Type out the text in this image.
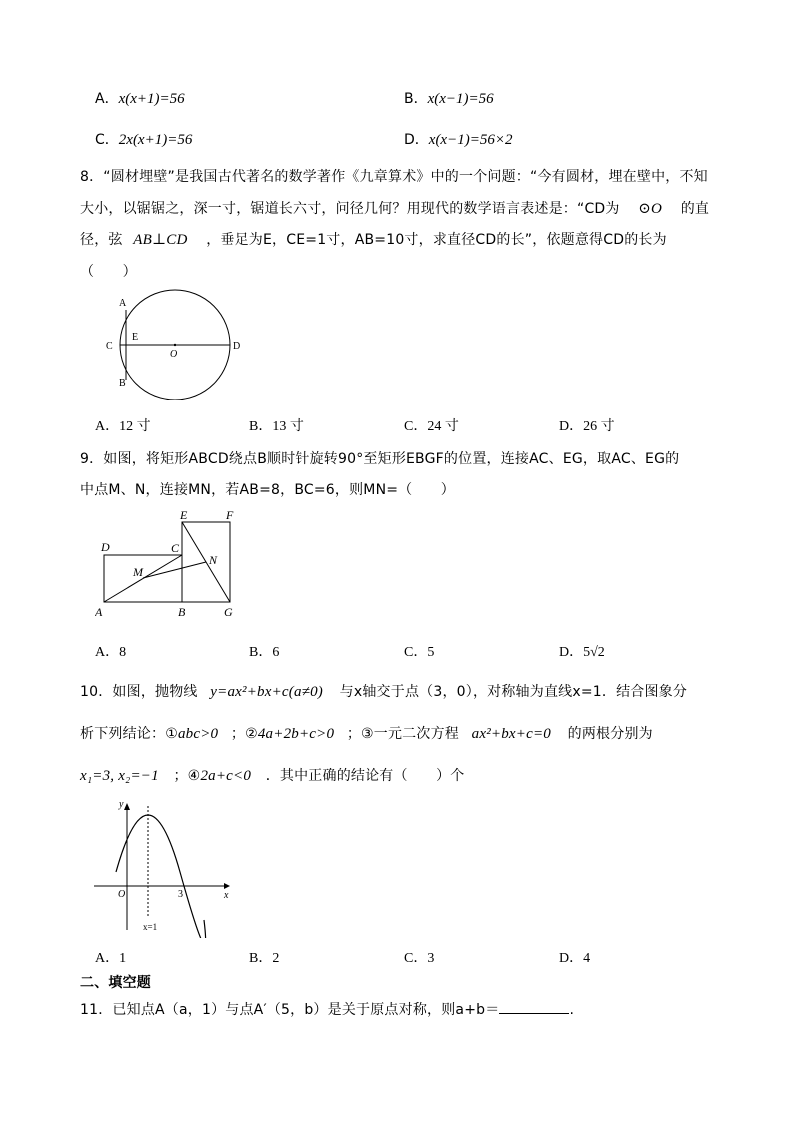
A．x(x+1)=56	B．x(x−1)=56
C．2x(x+1)=56	D．x(x−1)=56×2
8．“圆材埋壁”是我国古代著名的数学著作《九章算术》中的一个问题：“今有圆材，埋在壁中，不知
大小，以锯锯之，深一寸，锯道长六寸，问径几何？用现代的数学语言表述是：“CD为 ⊙O 的直
径，弦 AB⊥CD ，垂足为E，CE=1寸，AB=10寸，求直径CD的长”，依题意得CD的长为
（　　）
A
B
C	D
E
O
A．12 寸	B．13 寸	C．24 寸	D．26 寸
9．如图，将矩形ABCD绕点B顺时针旋转90°至矩形EBGF的位置，连接AC、EG，取AC、EG的
中点M、N，连接MN，若AB=8，BC=6，则MN=（　　）
A	B
C
D
E	F
G
M
N
A．8	B．6	C．5	D．5√2
10．如图，抛物线 y=ax²+bx+c(a≠0) 与x轴交于点（3，0），对称轴为直线x=1．结合图象分
析下列结论：①abc>0 ；②4a+2b+c>0 ；③一元二次方程 ax²+bx+c=0 的两根分别为
x₁=3, x₂=−1 ；④2a+c<0 ．其中正确的结论有（　　）个
y
x
O	3
x=1
A．1	B．2	C．3	D．4
二、填空题
11．已知点A（a，1）与点A′（5，b）是关于原点对称，则a+b＝	.
